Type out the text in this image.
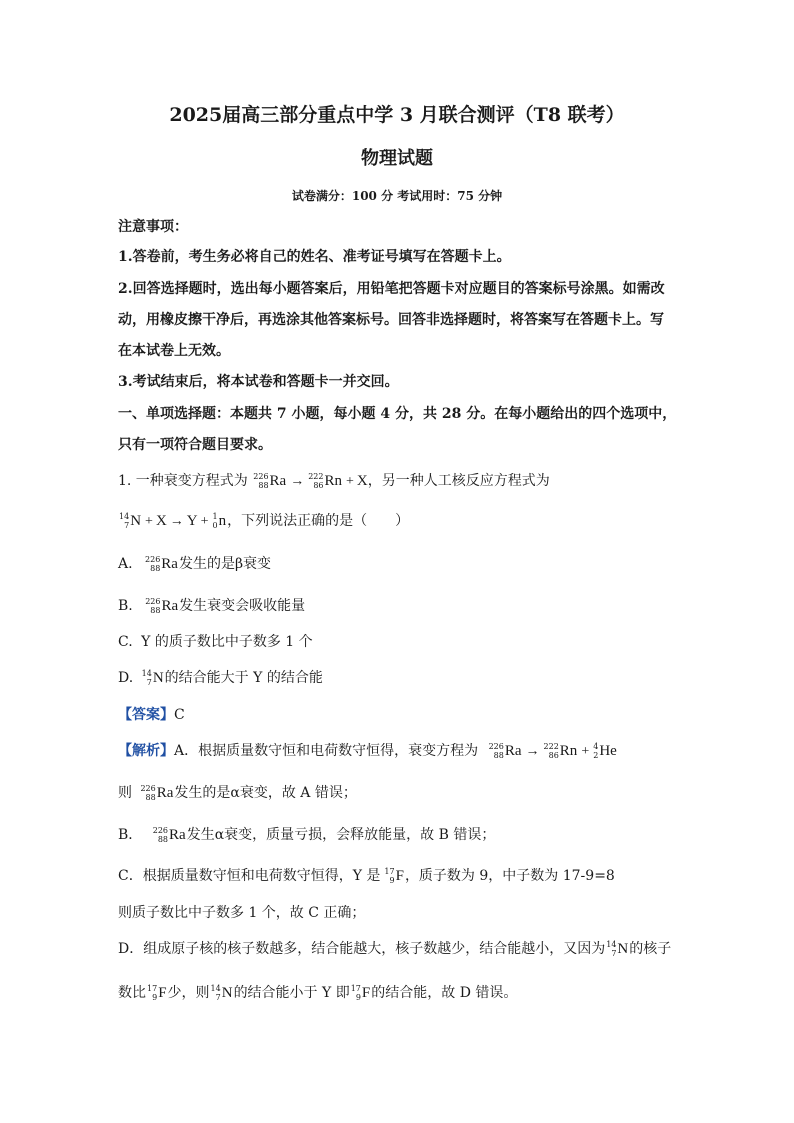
2025届高三部分重点中学 3 月联合测评（T8 联考）
物理试题
试卷满分：100 分 考试用时：75 分钟
注意事项：
1.答卷前，考生务必将自己的姓名、准考证号填写在答题卡上。
2.回答选择题时，选出每小题答案后，用铅笔把答题卡对应题目的答案标号涂黑。如需改
动，用橡皮擦干净后，再选涂其他答案标号。回答非选择题时，将答案写在答题卡上。写
在本试卷上无效。
3.考试结束后，将本试卷和答题卡一并交回。
一、单项选择题：本题共 7 小题，每小题 4 分，共 28 分。在每小题给出的四个选项中，
只有一项符合题目要求。
1. 一种衰变方程式为 226
88 Ra → 222
86 Rn + X，另一种人工核反应方程式为
14
7 N + X → Y + 1
0 n ，下列说法正确的是（　　）
A. 226
88 Ra 发生的是β衰变
B. 226
88 Ra 发生衰变会吸收能量
C. Y 的质子数比中子数多 1 个
D. 14
7 N 的结合能大于 Y 的结合能
【答案】C
【解析】A．根据质量数守恒和电荷数守恒得，衰变方程为 226
88 Ra → 222
86 Rn + 4
2 He
则 226
88 Ra 发生的是α衰变，故 A 错误；
B． 226
88 Ra 发生α衰变，质量亏损，会释放能量，故 B 错误；
C．根据质量数守恒和电荷数守恒得，Y 是 17
9 F ，质子数为 9，中子数为 17-9=8
则质子数比中子数多 1 个，故 C 正确；
D．组成原子核的核子数越多，结合能越大，核子数越少，结合能越小，又因为 14
7 N 的核子
数比 17
9 F 少，则 14
7 N 的结合能小于 Y 即 17
9 F 的结合能，故 D 错误。
